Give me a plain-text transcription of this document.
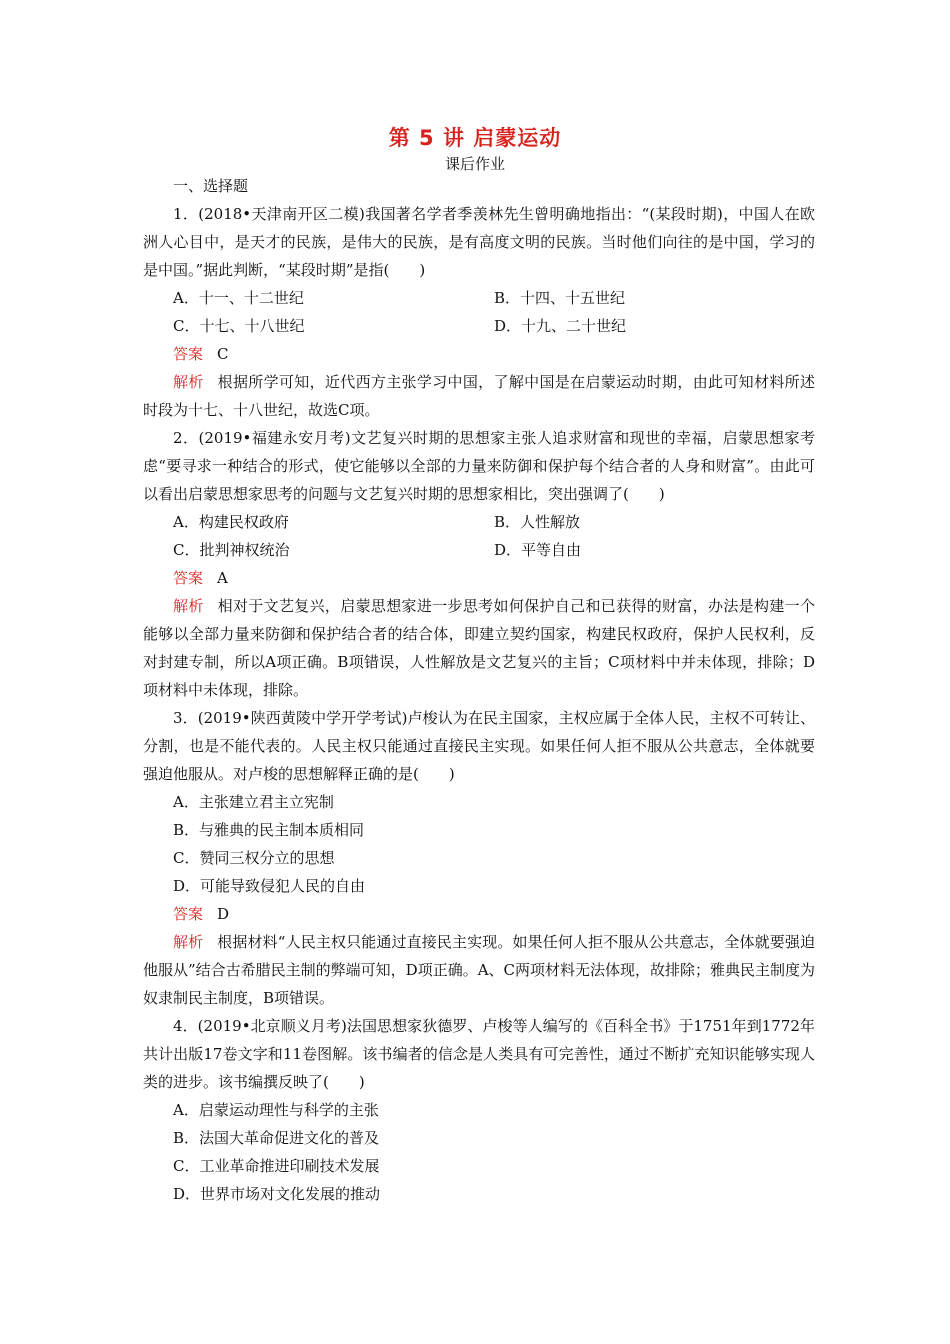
第 5 讲 启蒙运动
课后作业
一、选择题
1．(2018•天津南开区二模)我国著名学者季羡林先生曾明确地指出：“(某段时期)，中国人在欧洲人心目中，是天才的民族，是伟大的民族，是有高度文明的民族。当时他们向往的是中国，学习的是中国。”据此判断，“某段时期”是指(　　)
A．十一、十二世纪	B．十四、十五世纪
C．十七、十八世纪	D．十九、二十世纪
答案 C
解析 根据所学可知，近代西方主张学习中国，了解中国是在启蒙运动时期，由此可知材料所述时段为十七、十八世纪，故选C项。
2．(2019•福建永安月考)文艺复兴时期的思想家主张人追求财富和现世的幸福，启蒙思想家考虑“要寻求一种结合的形式，使它能够以全部的力量来防御和保护每个结合者的人身和财富”。由此可以看出启蒙思想家思考的问题与文艺复兴时期的思想家相比，突出强调了(　　)
A．构建民权政府	B．人性解放
C．批判神权统治	D．平等自由
答案 A
解析 相对于文艺复兴，启蒙思想家进一步思考如何保护自己和已获得的财富，办法是构建一个能够以全部力量来防御和保护结合者的结合体，即建立契约国家，构建民权政府，保护人民权利，反对封建专制，所以A项正确。B项错误，人性解放是文艺复兴的主旨；C项材料中并未体现，排除；D项材料中未体现，排除。
3．(2019•陕西黄陵中学开学考试)卢梭认为在民主国家，主权应属于全体人民，主权不可转让、分割，也是不能代表的。人民主权只能通过直接民主实现。如果任何人拒不服从公共意志，全体就要强迫他服从。对卢梭的思想解释正确的是(　　)
A．主张建立君主立宪制
B．与雅典的民主制本质相同
C．赞同三权分立的思想
D．可能导致侵犯人民的自由
答案 D
解析 根据材料“人民主权只能通过直接民主实现。如果任何人拒不服从公共意志，全体就要强迫他服从”结合古希腊民主制的弊端可知，D项正确。A、C两项材料无法体现，故排除；雅典民主制度为奴隶制民主制度，B项错误。
4．(2019•北京顺义月考)法国思想家狄德罗、卢梭等人编写的《百科全书》于1751年到1772年共计出版17卷文字和11卷图解。该书编者的信念是人类具有可完善性，通过不断扩充知识能够实现人类的进步。该书编撰反映了(　　)
A．启蒙运动理性与科学的主张
B．法国大革命促进文化的普及
C．工业革命推进印刷技术发展
D．世界市场对文化发展的推动
